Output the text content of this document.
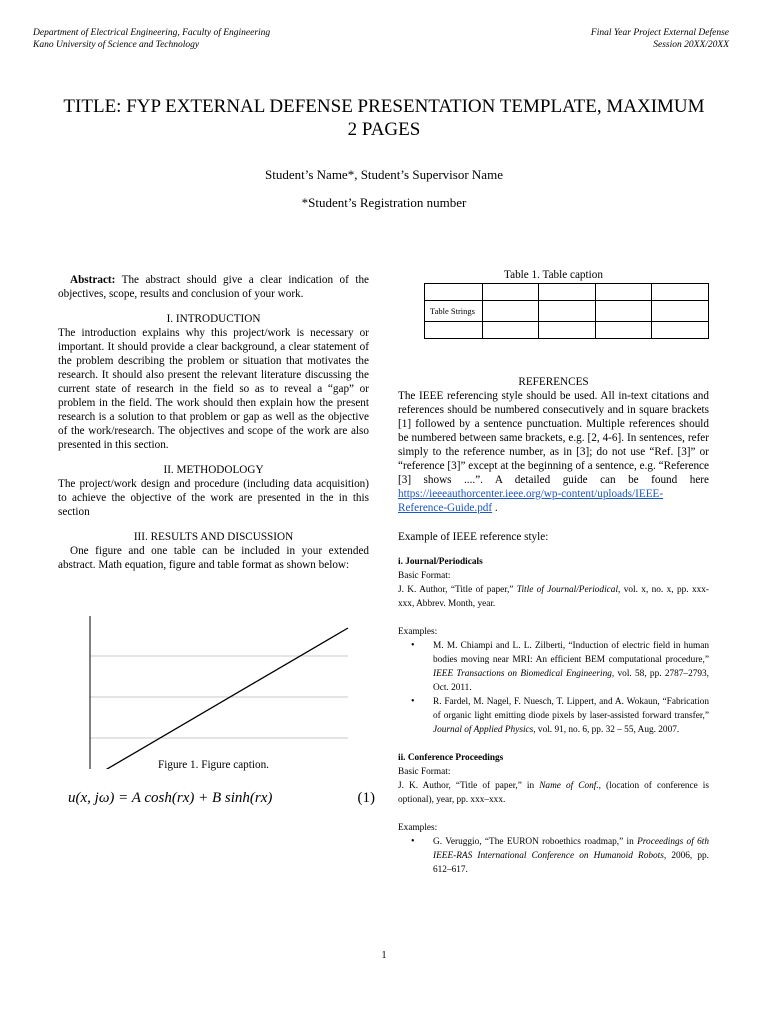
Department of Electrical Engineering, Faculty of Engineering
Kano University of Science and Technology
Final Year Project External Defense
Session 20XX/20XX
TITLE: FYP EXTERNAL DEFENSE PRESENTATION TEMPLATE, MAXIMUM 2 PAGES
Student’s Name*, Student’s Supervisor Name
*Student’s Registration number

Abstract: The abstract should give a clear indication of the objectives, scope, results and conclusion of your work.

I. INTRODUCTION

The introduction explains why this project/work is necessary or important. It should provide a clear background, a clear statement of the problem describing the problem or situation that motivates the research. It should also present the relevant literature discussing the current state of research in the field so as to reveal a “gap” or problem in the field. The work should then explain how the present research is a solution to that problem or gap as well as the objective of the work/research. The objectives and scope of the work are also presented in this section.

II. METHODOLOGY

The project/work design and procedure (including data acquisition) to achieve the objective of the work are presented in the in this section

III. RESULTS AND DISCUSSION

One figure and one table can be included in your extended abstract. Math equation, figure and table format as shown below:

Figure 1. Figure caption.

u(x, jω) = A cosh(rx) + B sinh(rx)	(1)

Table 1. Table caption

Table Strings				

REFERENCES

The IEEE referencing style should be used. All in-text citations and references should be numbered consecutively and in square brackets [1] followed by a sentence punctuation. Multiple references should be numbered between same brackets, e.g. [2, 4-6]. In sentences, refer simply to the reference number, as in [3]; do not use “Ref. [3]” or “reference [3]” except at the beginning of a sentence, e.g. “Reference [3] shows ....”. A detailed guide can be found here https://ieeeauthorcenter.ieee.org/wp-content/uploads/IEEE-Reference-Guide.pdf .

Example of IEEE reference style:

i. Journal/Periodicals
Basic Format:
J. K. Author, “Title of paper,” Title of Journal/Periodical, vol. x, no. x, pp. xxx-xxx, Abbrev. Month, year.
Examples:
• M. M. Chiampi and L. L. Zilberti, “Induction of electric field in human bodies moving near MRI: An efficient BEM computational procedure,” IEEE Transactions on Biomedical Engineering, vol. 58, pp. 2787–2793, Oct. 2011.
• R. Fardel, M. Nagel, F. Nuesch, T. Lippert, and A. Wokaun, “Fabrication of organic light emitting diode pixels by laser-assisted forward transfer,” Journal of Applied Physics, vol. 91, no. 6, pp. 32 – 55, Aug. 2007.
ii. Conference Proceedings
Basic Format:
J. K. Author, “Title of paper,” in Name of Conf., (location of conference is optional), year, pp. xxx–xxx.
Examples:
• G. Veruggio, “The EURON roboethics roadmap,” in Proceedings of 6th IEEE-RAS International Conference on Humanoid Robots, 2006, pp. 612–617.
1
